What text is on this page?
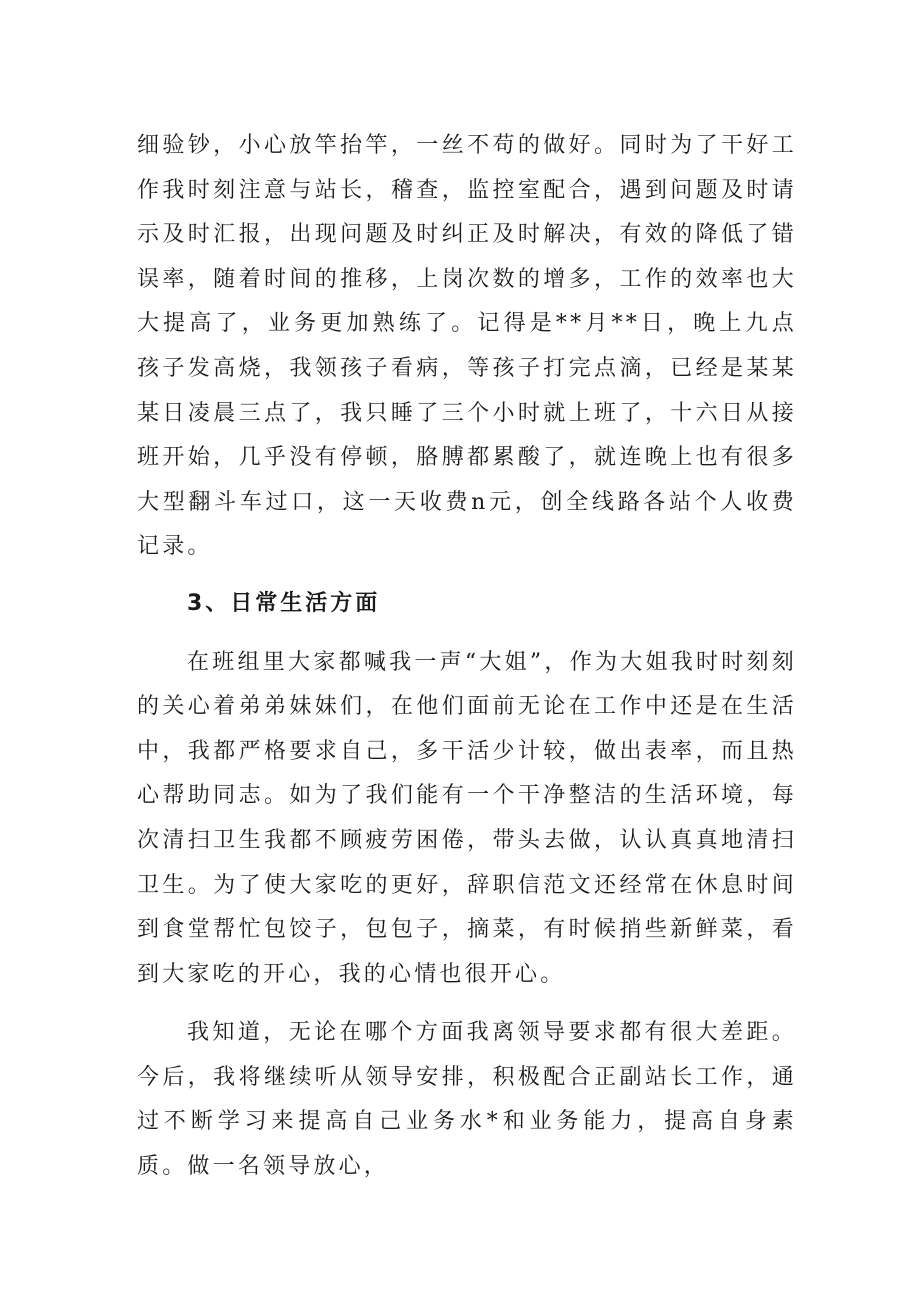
细验钞，小心放竿抬竿，一丝不苟的做好。同时为了干好工作我时刻注意与站长，稽查，监控室配合，遇到问题及时请示及时汇报，出现问题及时纠正及时解决，有效的降低了错误率，随着时间的推移，上岗次数的增多，工作的效率也大大提高了，业务更加熟练了。记得是**月**日，晚上九点孩子发高烧，我领孩子看病，等孩子打完点滴，已经是某某某日凌晨三点了，我只睡了三个小时就上班了，十六日从接班开始，几乎没有停顿，胳膊都累酸了，就连晚上也有很多大型翻斗车过口，这一天收费n元，创全线路各站个人收费记录。

3、日常生活方面

在班组里大家都喊我一声“大姐”，作为大姐我时时刻刻的关心着弟弟妹妹们，在他们面前无论在工作中还是在生活中，我都严格要求自己，多干活少计较，做出表率，而且热心帮助同志。如为了我们能有一个干净整洁的生活环境，每次清扫卫生我都不顾疲劳困倦，带头去做，认认真真地清扫卫生。为了使大家吃的更好，辞职信范文还经常在休息时间到食堂帮忙包饺子，包包子，摘菜，有时候捎些新鲜菜，看到大家吃的开心，我的心情也很开心。

我知道，无论在哪个方面我离领导要求都有很大差距。今后，我将继续听从领导安排，积极配合正副站长工作，通过不断学习来提高自己业务水*和业务能力，提高自身素质。做一名领导放心，
